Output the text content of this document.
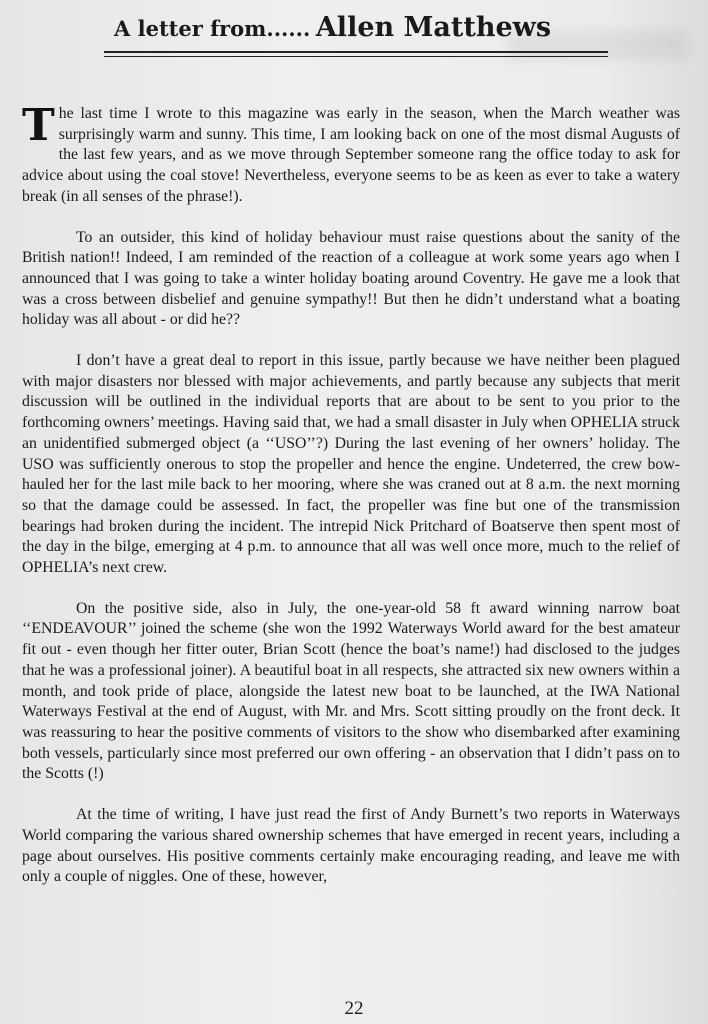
A letter from...... Allen Matthews

The last time I wrote to this magazine was early in the season, when the March weather was surprisingly warm and sunny. This time, I am looking back on one of the most dismal Augusts of the last few years, and as we move through September someone rang the office today to ask for advice about using the coal stove! Nevertheless, everyone seems to be as keen as ever to take a watery break (in all senses of the phrase!).

To an outsider, this kind of holiday behaviour must raise questions about the sanity of the British nation!! Indeed, I am reminded of the reaction of a colleague at work some years ago when I announced that I was going to take a winter holiday boating around Coventry. He gave me a look that was a cross between disbelief and genuine sympathy!! But then he didn’t understand what a boating holiday was all about - or did he??

I don’t have a great deal to report in this issue, partly because we have neither been plagued with major disasters nor blessed with major achievements, and partly because any subjects that merit discussion will be outlined in the individual reports that are about to be sent to you prior to the forthcoming owners’ meetings. Having said that, we had a small disaster in July when OPHELIA struck an unidentified submerged object (a ‘‘USO’’?) During the last evening of her owners’ holiday. The USO was sufficiently onerous to stop the propeller and hence the engine. Undeterred, the crew bow-hauled her for the last mile back to her mooring, where she was craned out at 8 a.m. the next morning so that the damage could be assessed. In fact, the propeller was fine but one of the transmission bearings had broken during the incident. The intrepid Nick Pritchard of Boatserve then spent most of the day in the bilge, emerging at 4 p.m. to announce that all was well once more, much to the relief of OPHELIA’s next crew.

On the positive side, also in July, the one-year-old 58 ft award winning narrow boat ‘‘ENDEAVOUR’’ joined the scheme (she won the 1992 Waterways World award for the best amateur fit out - even though her fitter outer, Brian Scott (hence the boat’s name!) had disclosed to the judges that he was a professional joiner). A beautiful boat in all respects, she attracted six new owners within a month, and took pride of place, alongside the latest new boat to be launched, at the IWA National Waterways Festival at the end of August, with Mr. and Mrs. Scott sitting proudly on the front deck. It was reassuring to hear the positive comments of visitors to the show who disembarked after examining both vessels, particularly since most preferred our own offering - an observation that I didn’t pass on to the Scotts (!)

At the time of writing, I have just read the first of Andy Burnett’s two reports in Waterways World comparing the various shared ownership schemes that have emerged in recent years, including a page about ourselves. His positive comments certainly make encouraging reading, and leave me with only a couple of niggles. One of these, however,

22
